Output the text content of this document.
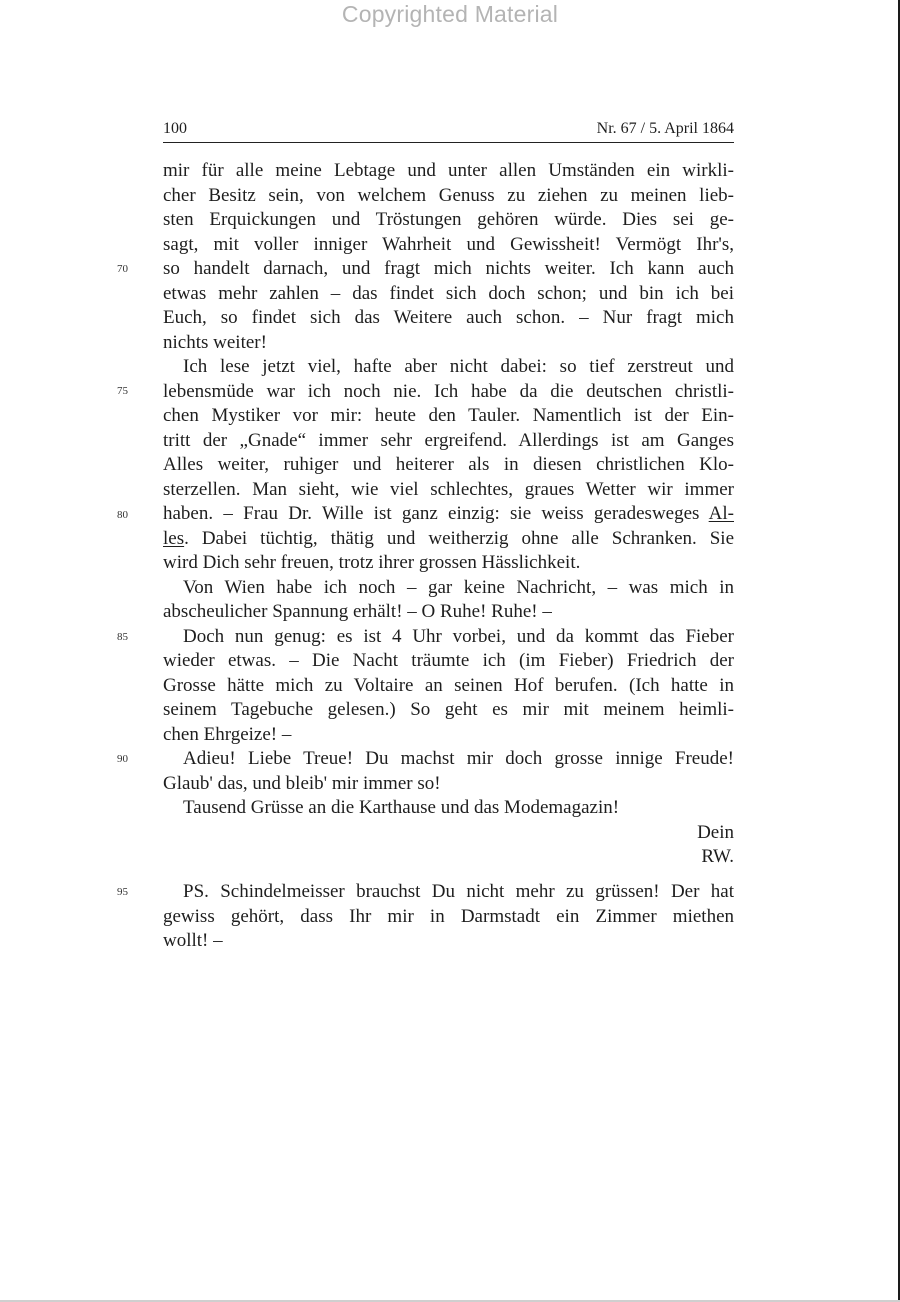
Copyrighted Material
100	Nr. 67 / 5. April 1864
70
75
80
85
90
95
mir für alle meine Lebtage und unter allen Umständen ein wirkli-
cher Besitz sein, von welchem Genuss zu ziehen zu meinen lieb-
sten Erquickungen und Tröstungen gehören würde. Dies sei ge-
sagt, mit voller inniger Wahrheit und Gewissheit! Vermögt Ihr's,
so handelt darnach, und fragt mich nichts weiter. Ich kann auch
etwas mehr zahlen – das findet sich doch schon; und bin ich bei
Euch, so findet sich das Weitere auch schon. – Nur fragt mich
nichts weiter!
Ich lese jetzt viel, hafte aber nicht dabei: so tief zerstreut und
lebensmüde war ich noch nie. Ich habe da die deutschen christli-
chen Mystiker vor mir: heute den Tauler. Namentlich ist der Ein-
tritt der „Gnade“ immer sehr ergreifend. Allerdings ist am Ganges
Alles weiter, ruhiger und heiterer als in diesen christlichen Klo-
sterzellen. Man sieht, wie viel schlechtes, graues Wetter wir immer
haben. – Frau Dr. Wille ist ganz einzig: sie weiss geradesweges Al-
les. Dabei tüchtig, thätig und weitherzig ohne alle Schranken. Sie
wird Dich sehr freuen, trotz ihrer grossen Hässlichkeit.
Von Wien habe ich noch – gar keine Nachricht, – was mich in
abscheulicher Spannung erhält! – O Ruhe! Ruhe! –
Doch nun genug: es ist 4 Uhr vorbei, und da kommt das Fieber
wieder etwas. – Die Nacht träumte ich (im Fieber) Friedrich der
Grosse hätte mich zu Voltaire an seinen Hof berufen. (Ich hatte in
seinem Tagebuche gelesen.) So geht es mir mit meinem heimli-
chen Ehrgeize! –
Adieu! Liebe Treue! Du machst mir doch grosse innige Freude!
Glaub' das, und bleib' mir immer so!
Tausend Grüsse an die Karthause und das Modemagazin!
Dein
RW.
PS. Schindelmeisser brauchst Du nicht mehr zu grüssen! Der hat
gewiss gehört, dass Ihr mir in Darmstadt ein Zimmer miethen
wollt! –
